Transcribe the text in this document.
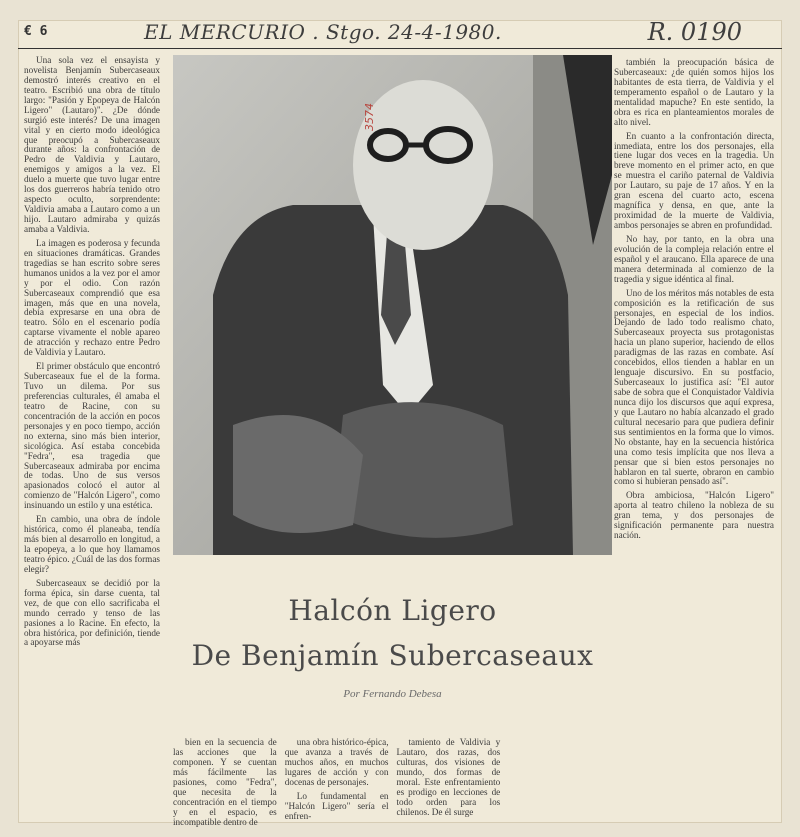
€ 6	EL MERCURIO . Stgo. 24-4-1980.	R. 0190

Una sola vez el ensayista y novelista Benjamín Subercaseaux demostró interés creativo en el teatro. Escribió una obra de título largo: "Pasión y Epopeya de Halcón Ligero" (Lautaro)". ¿De dónde surgió este interés? De una imagen vital y en cierto modo ideológica que preocupó a Subercaseaux durante años: la confrontación de Pedro de Valdivia y Lautaro, enemigos y amigos a la vez. El duelo a muerte que tuvo lugar entre los dos guerreros habría tenido otro aspecto oculto, sorprendente: Valdivia amaba a Lautaro como a un hijo. Lautaro admiraba y quizás amaba a Valdivia.

La imagen es poderosa y fecunda en situaciones dramáticas. Grandes tragedias se han escrito sobre seres humanos unidos a la vez por el amor y por el odio. Con razón Subercaseaux comprendió que esa imagen, más que en una novela, debía expresarse en una obra de teatro. Sólo en el escenario podía captarse vivamente el noble apareo de atracción y rechazo entre Pedro de Valdivia y Lautaro.

El primer obstáculo que encontró Subercaseaux fue el de la forma. Tuvo un dilema. Por sus preferencias culturales, él amaba el teatro de Racine, con su concentración de la acción en pocos personajes y en poco tiempo, acción no externa, sino más bien interior, sicológica. Así estaba concebida "Fedra", esa tragedia que Subercaseaux admiraba por encima de todas. Uno de sus versos apasionados colocó el autor al comienzo de "Halcón Ligero", como insinuando un estilo y una estética.

En cambio, una obra de índole histórica, como él planeaba, tendía más bien al desarrollo en longitud, a la epopeya, a lo que hoy llamamos teatro épico. ¿Cuál de las dos formas elegir?

Subercaseaux se decidió por la forma épica, sin darse cuenta, tal vez, de que con ello sacrificaba el mundo cerrado y tenso de las pasiones a lo Racine. En efecto, la obra histórica, por definición, tiende a apoyarse más

3574
Halcón Ligero
De Benjamín Subercaseaux
Por Fernando Debesa

bien en la secuencia de las acciones que la componen. Y se cuentan más fácilmente las pasiones, como "Fedra", que necesita de la concentración en el tiempo y en el espacio, es incompatible dentro de

una obra histórico-épica, que avanza a través de muchos años, en muchos lugares de acción y con docenas de personajes.

Lo fundamental en "Halcón Ligero" sería el enfren-

tamiento de Valdivia y Lautaro, dos razas, dos culturas, dos visiones de mundo, dos formas de moral. Este enfrentamiento es prodigo en lecciones de todo orden para los chilenos. De él surge

también la preocupación básica de Subercaseaux: ¿de quién somos hijos los habitantes de esta tierra, de Valdivia y el temperamento español o de Lautaro y la mentalidad mapuche? En este sentido, la obra es rica en planteamientos morales de alto nivel.

En cuanto a la confrontación directa, inmediata, entre los dos personajes, ella tiene lugar dos veces en la tragedia. Un breve momento en el primer acto, en que se muestra el cariño paternal de Valdivia por Lautaro, su paje de 17 años. Y en la gran escena del cuarto acto, escena magnífica y densa, en que, ante la proximidad de la muerte de Valdivia, ambos personajes se abren en profundidad.

No hay, por tanto, en la obra una evolución de la compleja relación entre el español y el araucano. Ella aparece de una manera determinada al comienzo de la tragedia y sigue idéntica al final.

Uno de los méritos más notables de esta composición es la retificación de sus personajes, en especial de los indios. Dejando de lado todo realismo chato, Subercaseaux proyecta sus protagonistas hacia un plano superior, haciendo de ellos paradigmas de las razas en combate. Así concebidos, ellos tienden a hablar en un lenguaje discursivo. En su postfacio, Subercaseaux lo justifica así: "El autor sabe de sobra que el Conquistador Valdivia nunca dijo los discursos que aquí expresa, y que Lautaro no había alcanzado el grado cultural necesario para que pudiera definir sus sentimientos en la forma que lo vimos. No obstante, hay en la secuencia histórica una como tesis implícita que nos lleva a pensar que si bien estos personajes no hablaron en tal suerte, obraron en cambio como si hubieran pensado así".

Obra ambiciosa, "Halcón Ligero" aporta al teatro chileno la nobleza de su gran tema, y dos personajes de significación permanente para nuestra nación.
